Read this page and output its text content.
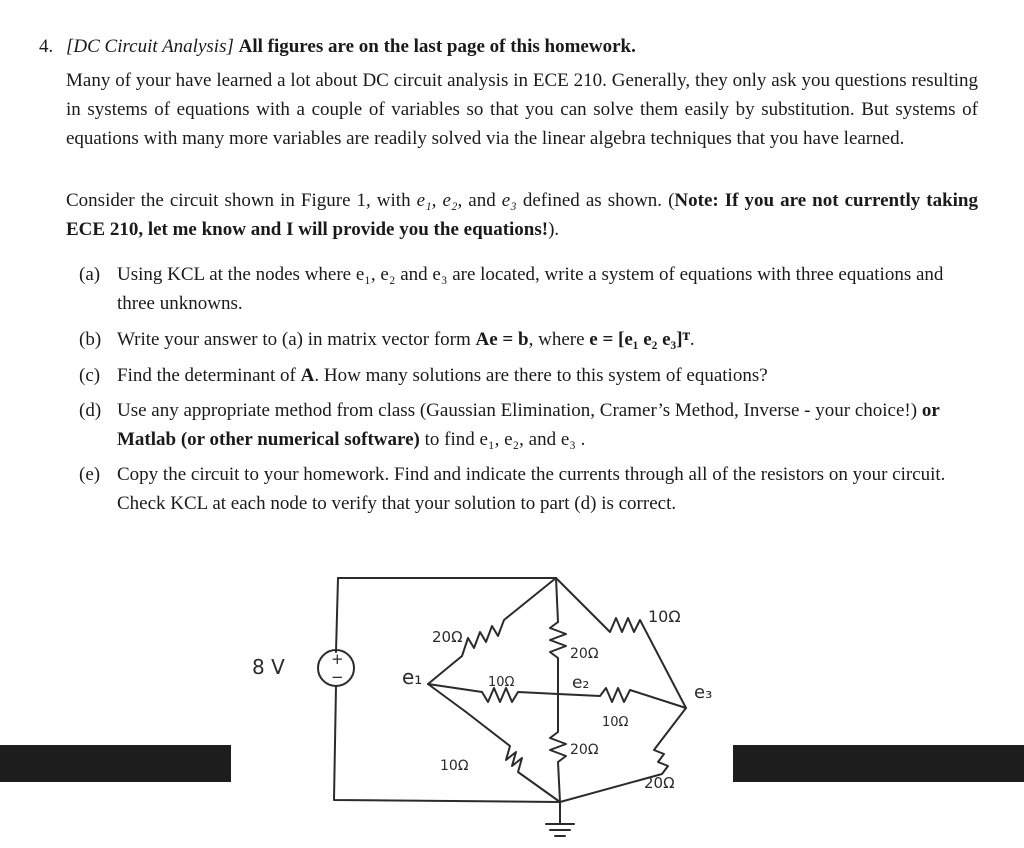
4. [DC Circuit Analysis] All figures are on the last page of this homework.
Many of your have learned a lot about DC circuit analysis in ECE 210. Generally, they only ask you questions resulting in systems of equations with a couple of variables so that you can solve them easily by substitution. But systems of equations with many more variables are readily solved via the linear algebra techniques that you have learned.
Consider the circuit shown in Figure 1, with e₁, e₂, and e₃ defined as shown. (Note: If you are not currently taking ECE 210, let me know and I will provide you the equations!).
(a) Using KCL at the nodes where e₁, e₂ and e₃ are located, write a system of equations with three equations and three unknowns.
(b) Write your answer to (a) in matrix vector form Ae = b, where e = [e₁ e₂ e₃]ᵀ.
(c) Find the determinant of A. How many solutions are there to this system of equations?
(d) Use any appropriate method from class (Gaussian Elimination, Cramer’s Method, Inverse - your choice!) or Matlab (or other numerical software) to find e₁, e₂, and e₃ .
(e) Copy the circuit to your homework. Find and indicate the currents through all of the resistors on your circuit. Check KCL at each node to verify that your solution to part (d) is correct.
8 V	+
−	e₁	e₂	e₃
20Ω
10Ω
20Ω
10Ω
10Ω
20Ω
10Ω
20Ω
